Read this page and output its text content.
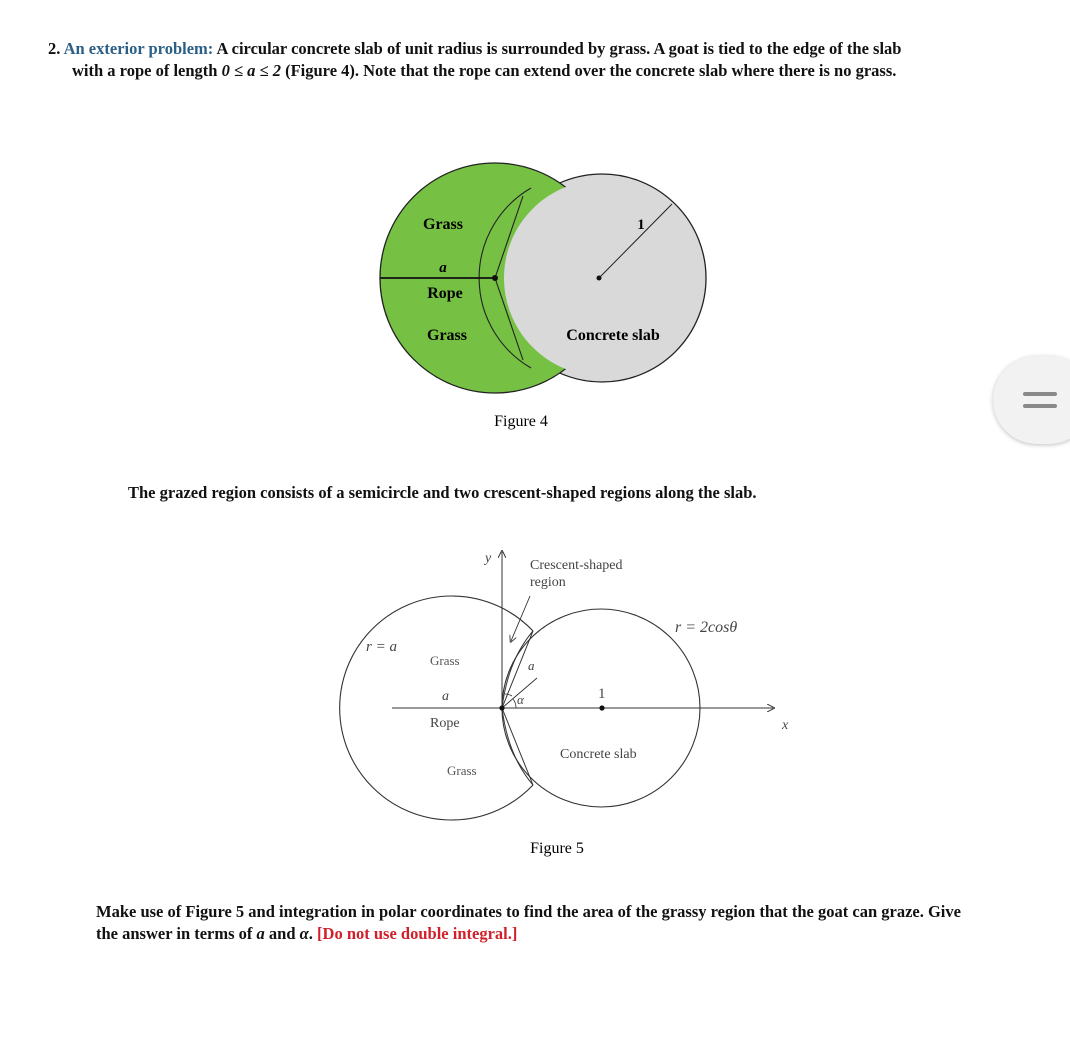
2. An exterior problem: A circular concrete slab of unit radius is surrounded by grass. A goat is tied to the edge of the slab
with a rope of length 0 ≤ a ≤ 2 (Figure 4). Note that the rope can extend over the concrete slab where there is no grass.
Grass
a
Rope
Grass
1
Concrete slab
Figure 4
The grazed region consists of a semicircle and two crescent-shaped regions along the slab.
y
x
Crescent-shaped
region
r = a
Grass
a
Rope
Grass
a
α	1
r = 2cosθ
Concrete slab
Figure 5
Make use of Figure 5 and integration in polar coordinates to find the area of the grassy region that the goat can graze. Give
the answer in terms of a and α. [Do not use double integral.]
